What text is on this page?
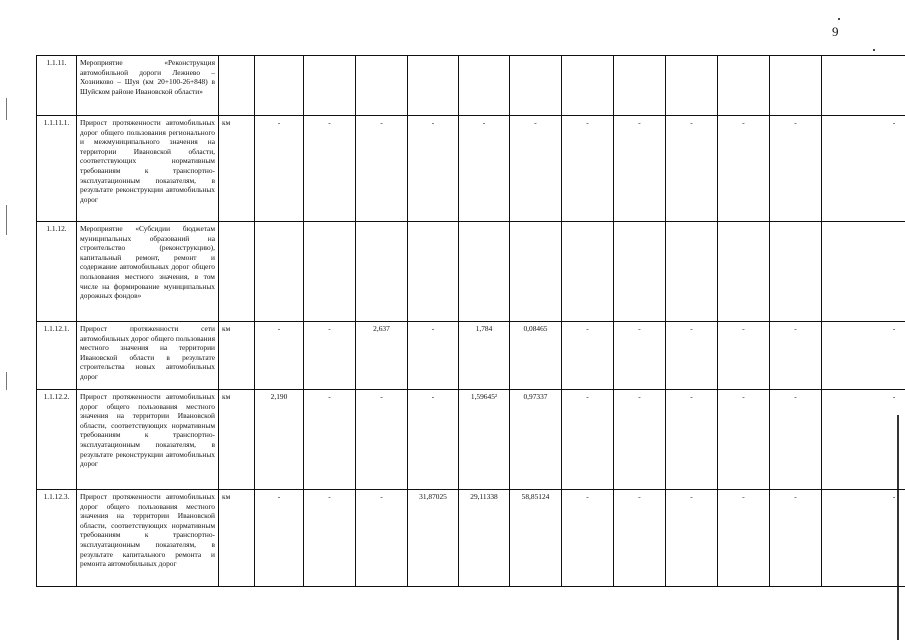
9
1.1.11.	Мероприятие «Реконструкция автомобильной дороги Лежнево – Хозниково – Шуя (км 20+100-26+848) в Шуйском районе Ивановской области»													
1.1.11.1.	Прирост протяженности автомобильных дорог общего пользования регионального и межмуниципального значения на территории Ивановской области, соответствующих нормативным требованиям к транспортно-эксплуатационным показателям, в результате реконструкции автомобильных дорог	км	-	-	-	-	-	-	-	-	-	-	-	-
1.1.12.	Мероприятие «Субсидии бюджетам муниципальных образований на строительство (реконструкцию), капитальный ремонт, ремонт и содержание автомобильных дорог общего пользования местного значения, в том числе на формирование муниципальных дорожных фондов»													
1.1.12.1.	Прирост протяженности сети автомобильных дорог общего пользования местного значения на территории Ивановской области в результате строительства новых автомобильных дорог	км	-	-	2,637	-	1,784	0,08465	-	-	-	-	-	-
1.1.12.2.	Прирост протяженности автомобильных дорог общего пользования местного значения на территории Ивановской области, соответствующих нормативным требованиям к транспортно-эксплуатационным показателям, в результате реконструкции автомобильных дорог	км	2,190	-	-	-	1,59645²	0,97337	-	-	-	-	-	-
1.1.12.3.	Прирост протяженности автомобильных дорог общего пользования местного значения на территории Ивановской области, соответствующих нормативным требованиям к транспортно-эксплуатационным показателям, в результате капитального ремонта и ремонта автомобильных дорог	км	-	-	-	31,87025	29,11338	58,85124	-	-	-	-	-	-
